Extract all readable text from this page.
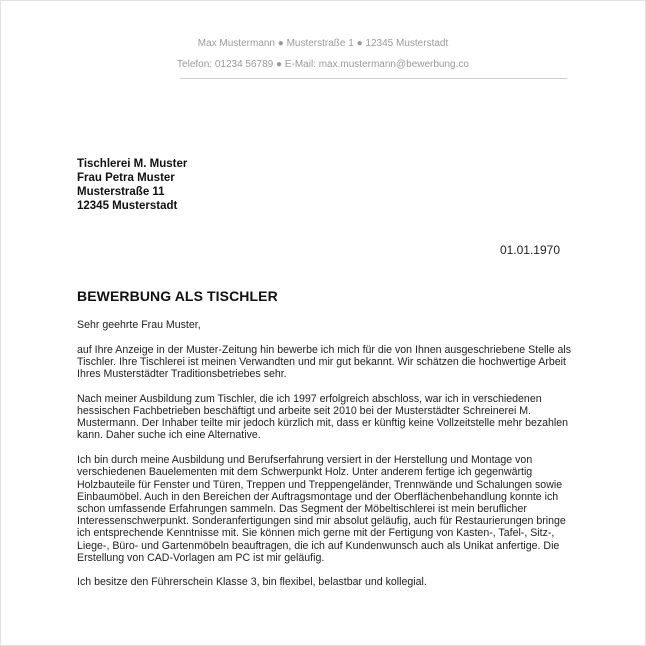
Max Mustermann ● Musterstraße 1 ● 12345 Musterstadt
Telefon: 01234 56789 ● E-Mail: max.mustermann@bewerbung.co
Tischlerei M. Muster
Frau Petra Muster
Musterstraße 11
12345 Musterstadt
01.01.1970
BEWERBUNG ALS TISCHLER

Sehr geehrte Frau Muster,

auf Ihre Anzeige in der Muster-Zeitung hin bewerbe ich mich für die von Ihnen ausgeschriebene Stelle als Tischler. Ihre Tischlerei ist meinen Verwandten und mir gut bekannt. Wir schätzen die hochwertige Arbeit Ihres Musterstädter Traditionsbetriebes sehr.

Nach meiner Ausbildung zum Tischler, die ich 1997 erfolgreich abschloss, war ich in verschiedenen hessischen Fachbetrieben beschäftigt und arbeite seit 2010 bei der Musterstädter Schreinerei M. Mustermann. Der Inhaber teilte mir jedoch kürzlich mit, dass er künftig keine Vollzeitstelle mehr bezahlen kann. Daher suche ich eine Alternative.

Ich bin durch meine Ausbildung und Berufserfahrung versiert in der Herstellung und Montage von verschiedenen Bauelementen mit dem Schwerpunkt Holz. Unter anderem fertige ich gegenwärtig Holzbauteile für Fenster und Türen, Treppen und Treppengeländer, Trennwände und Schalungen sowie Einbaumöbel. Auch in den Bereichen der Auftragsmontage und der Oberflächenbehandlung konnte ich schon umfassende Erfahrungen sammeln. Das Segment der Möbeltischlerei ist mein beruflicher Interessenschwerpunkt. Sonderanfertigungen sind mir absolut geläufig, auch für Restaurierungen bringe ich entsprechende Kenntnisse mit. Sie können mich gerne mit der Fertigung von Kasten-, Tafel-, Sitz-, Liege-, Büro- und Gartenmöbeln beauftragen, die ich auf Kundenwunsch auch als Unikat anfertige. Die Erstellung von CAD-Vorlagen am PC ist mir geläufig.

Ich besitze den Führerschein Klasse 3, bin flexibel, belastbar und kollegial.
